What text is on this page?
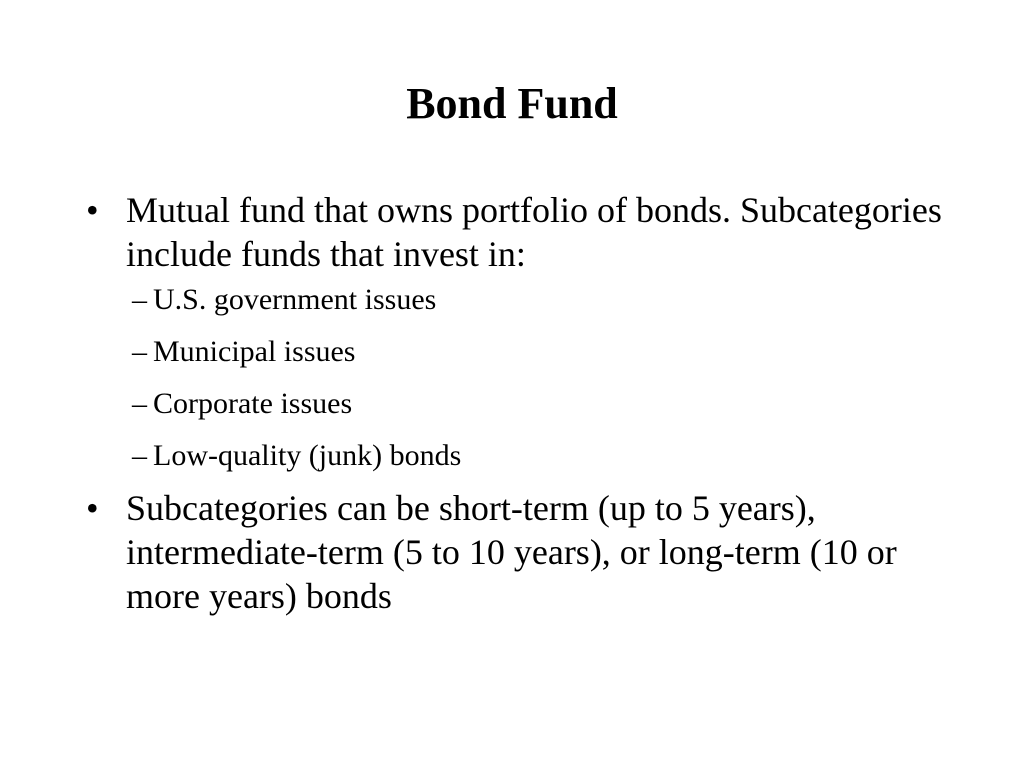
Bond Fund
• Mutual fund that owns portfolio of bonds. Subcategories include funds that invest in:
– U.S. government issues
– Municipal issues
– Corporate issues
– Low-quality (junk) bonds
• Subcategories can be short-term (up to 5 years), intermediate-term (5 to 10 years), or long-term (10 or more years) bonds
